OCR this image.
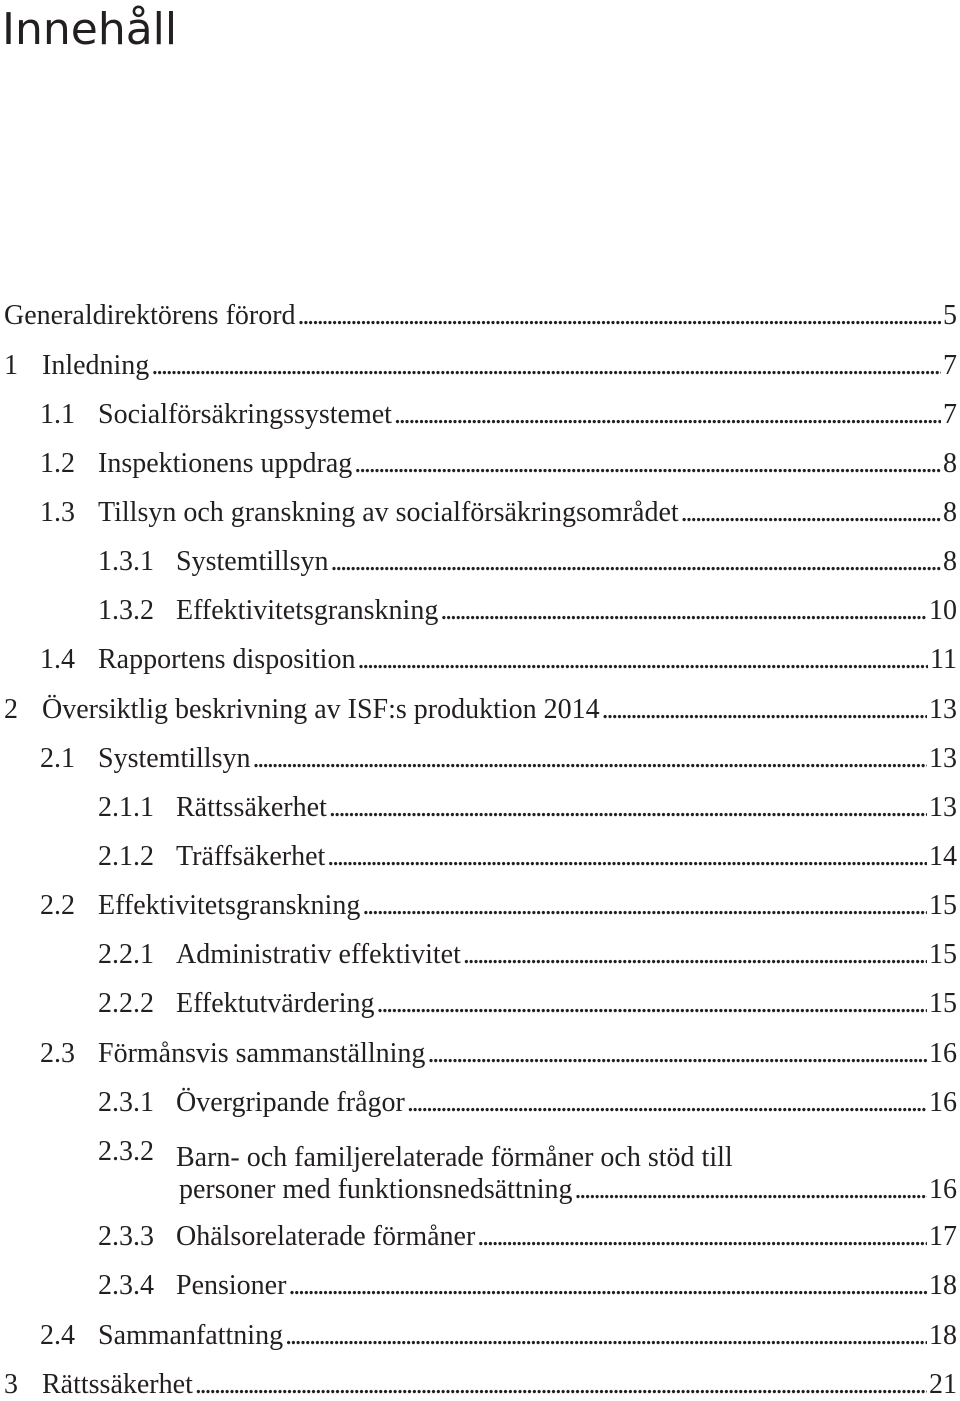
Innehåll
Generaldirektörens förord . . .	5
1 Inledning . . .	7
1.1 Socialförsäkringssystemet . . .	7
1.2 Inspektionens uppdrag . . .	8
1.3 Tillsyn och granskning av socialförsäkringsområdet . . .	8
1.3.1 Systemtillsyn . . .	8
1.3.2 Effektivitetsgranskning . . .	10
1.4 Rapportens disposition . . .	11
2 Översiktlig beskrivning av ISF:s produktion 2014 . . .	13
2.1 Systemtillsyn . . .	13
2.1.1 Rättssäkerhet . . .	13
2.1.2 Träffsäkerhet . . .	14
2.2 Effektivitetsgranskning . . .	15
2.2.1 Administrativ effektivitet . . .	15
2.2.2 Effektutvärdering . . .	15
2.3 Förmånsvis sammanställning . . .	16
2.3.1 Övergripande frågor . . .	16
2.3.2 Barn- och familjerelaterade förmåner och stöd till
personer med funktionsnedsättning . . .	16
2.3.3 Ohälsorelaterade förmåner . . .	17
2.3.4 Pensioner . . .	18
2.4 Sammanfattning . . .	18
3 Rättssäkerhet . . .	21
